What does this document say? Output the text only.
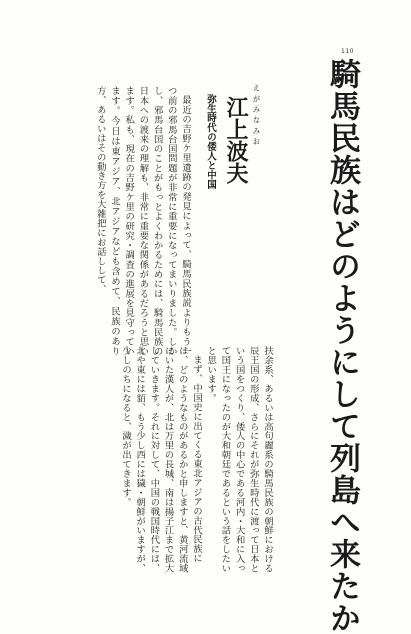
110
騎馬民族はどのようにして列島へ来たか
えがみなみお
江上波夫
弥生時代の倭人と中国

最近の吉野ケ里遺跡の発見によって、騎馬民族説よりもう一つ前の邪馬台国問題が非常に重要になってまいりました。しかし、邪馬台国のことがもっとよくわかるためには、騎馬民族の日本への渡来の理解も、非常に重要な関係があるだろうと思います。私も、現在の吉野ケ里の研究・調査の進展を見守っています。今日は東アジア、北アジアなども含めて、民族のあり方、あるいはその動き方を大雑把にお話しして、

扶余系、あるいは高句麗系の騎馬民族の朝鮮における辰王国の形成、さらにそれが弥生時代に渡って日本という国をつくり、倭人の中心である河内・大和に入って国王になったのが大和朝廷であるという話をしたいと思います。

まず、中国史に出てくる東北アジアの古代民族には、どのようなものがあるかと申しますと、黄河流域にいた漢人が、北は万里の長城、南は揚子江まで拡大していきます。それに対して、中国の戦国時代には、北や東には貊、もう少し西には獩・朝鮮がいますが、少しのちになると、濊が出てきます。
